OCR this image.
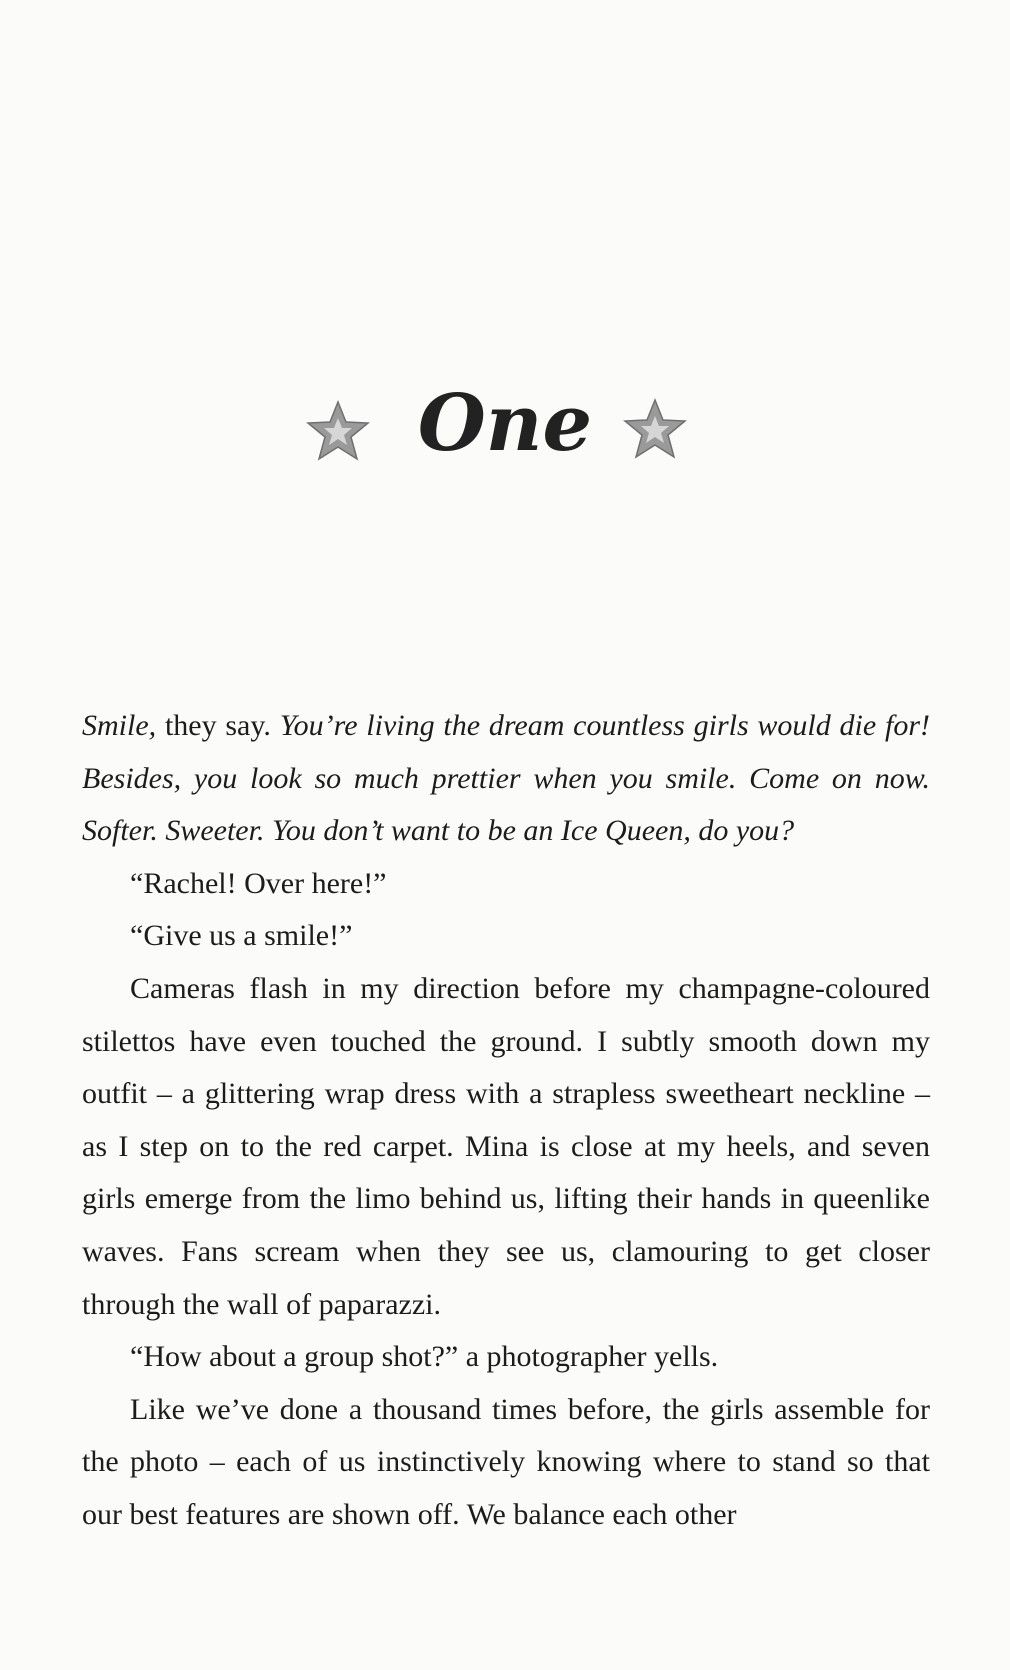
One

Smile, they say. You’re living the dream countless girls would die for! Besides, you look so much prettier when you smile. Come on now. Softer. Sweeter. You don’t want to be an Ice Queen, do you?

“Rachel! Over here!”

“Give us a smile!”

Cameras flash in my direction before my champagne-coloured stilettos have even touched the ground. I subtly smooth down my outfit – a glittering wrap dress with a strapless sweetheart neckline – as I step on to the red carpet. Mina is close at my heels, and seven girls emerge from the limo behind us, lifting their hands in queenlike waves. Fans scream when they see us, clamouring to get closer through the wall of paparazzi.

“How about a group shot?” a photographer yells.

Like we’ve done a thousand times before, the girls assemble for the photo – each of us instinctively knowing where to stand so that our best features are shown off. We balance each other
